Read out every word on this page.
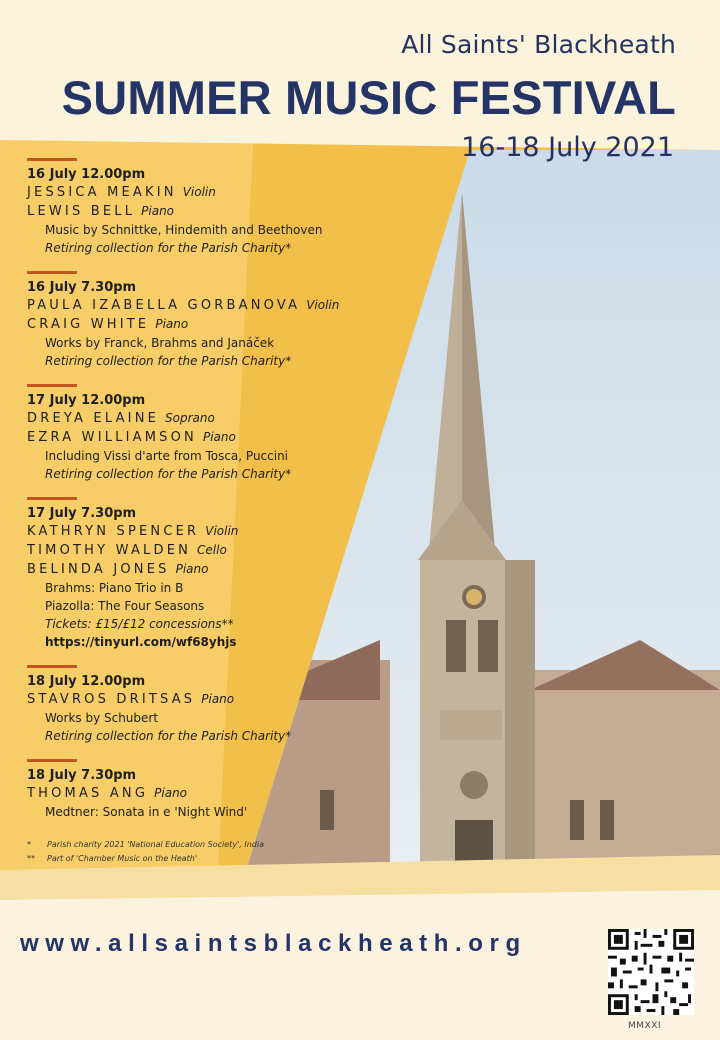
All Saints' Blackheath
SUMMER MUSIC FESTIVAL
16-18 July 2021
16 July 12.00pm
JESSICA MEAKIN Violin
LEWIS BELL Piano
Music by Schnittke, Hindemith and Beethoven
Retiring collection for the Parish Charity*
16 July 7.30pm
PAULA IZABELLA GORBANOVA Violin
CRAIG WHITE Piano
Works by Franck, Brahms and Janáček
Retiring collection for the Parish Charity*
17 July 12.00pm
DREYA ELAINE Soprano
EZRA WILLIAMSON Piano
Including Vissi d'arte from Tosca, Puccini
Retiring collection for the Parish Charity*
17 July 7.30pm
KATHRYN SPENCER Violin
TIMOTHY WALDEN Cello
BELINDA JONES Piano
Brahms: Piano Trio in B
Piazolla: The Four Seasons
Tickets: £15/£12 concessions**
https://tinyurl.com/wf68yhjs
18 July 12.00pm
STAVROS DRITSAS Piano
Works by Schubert
Retiring collection for the Parish Charity*
18 July 7.30pm
THOMAS ANG Piano
Medtner: Sonata in e 'Night Wind'
* Parish charity 2021 'National Education Society', India
** Part of 'Chamber Music on the Heath'
www.allsaintsblackheath.org
MMXXI
